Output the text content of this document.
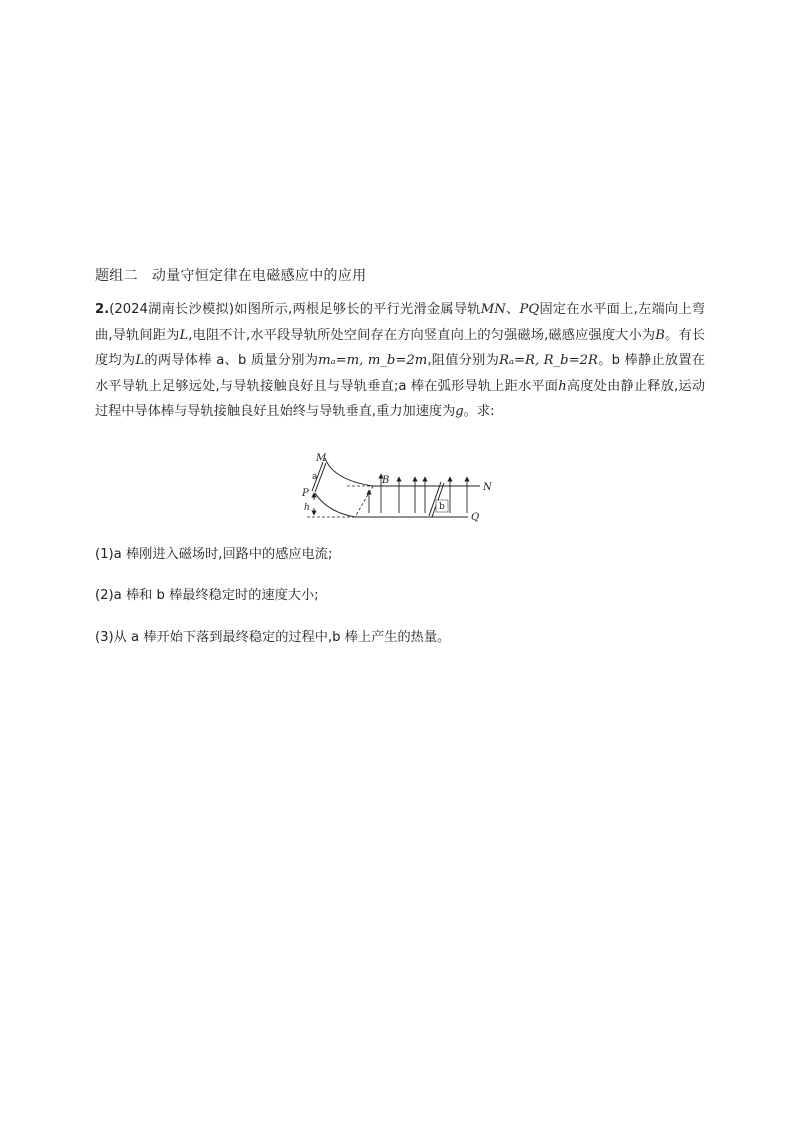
题组二 动量守恒定律在电磁感应中的应用
2.(2024湖南长沙模拟)如图所示,两根足够长的平行光滑金属导轨MN、PQ固定在水平面上,左端向上弯曲,导轨间距为L,电阻不计,水平段导轨所处空间存在方向竖直向上的匀强磁场,磁感应强度大小为B。有长度均为L的两导体棒 a、b 质量分别为mₐ=m, m_b=2m,阻值分别为Rₐ=R, R_b=2R。b 棒静止放置在水平导轨上足够远处,与导轨接触良好且与导轨垂直;a 棒在弧形导轨上距水平面h高度处由静止释放,运动过程中导体棒与导轨接触良好且始终与导轨垂直,重力加速度为g。求:
M
P
h
a	B
N
Q
b
(1)a 棒刚进入磁场时,回路中的感应电流;
(2)a 棒和 b 棒最终稳定时的速度大小;
(3)从 a 棒开始下落到最终稳定的过程中,b 棒上产生的热量。
